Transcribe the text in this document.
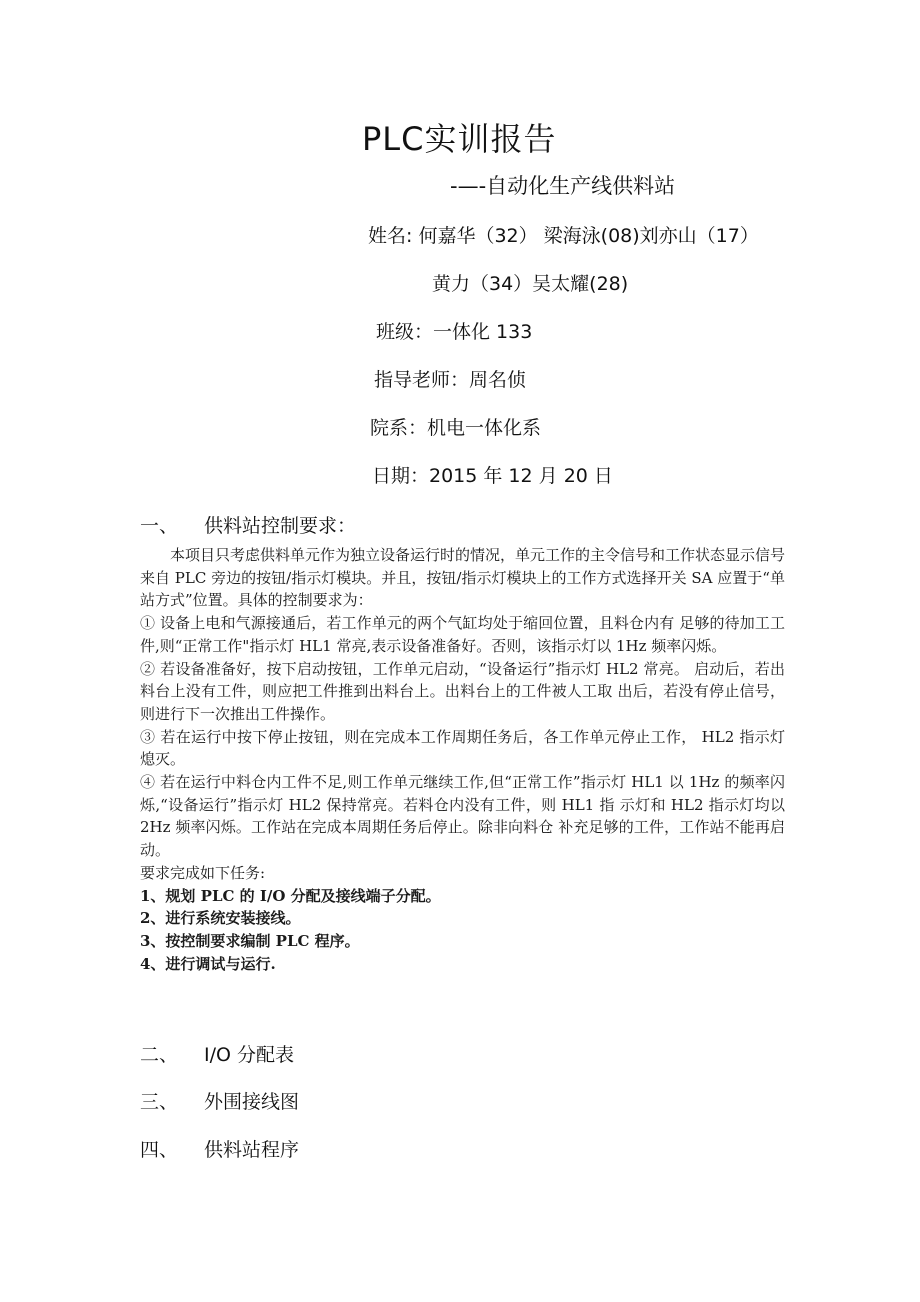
PLC实训报告
-—-自动化生产线供料站
姓名: 何嘉华（32） 梁海泳(08)刘亦山（17）
黄力（34）吴太耀(28)
班级：一体化 133
指导老师：周名侦
院系：机电一体化系
日期：2015 年 12 月 20 日
一、 供料站控制要求：

本项目只考虑供料单元作为独立设备运行时的情况，单元工作的主令信号和工作状态显示信号来自 PLC 旁边的按钮/指示灯模块。并且，按钮/指示灯模块上的工作方式选择开关 SA 应置于“单站方式”位置。具体的控制要求为：

① 设备上电和气源接通后，若工作单元的两个气缸均处于缩回位置，且料仓内有 足够的待加工工件,则“正常工作"指示灯 HL1 常亮,表示设备准备好。否则，该指示灯以 1Hz 频率闪烁。

② 若设备准备好，按下启动按钮，工作单元启动，“设备运行”指示灯 HL2 常亮。 启动后，若出料台上没有工件，则应把工件推到出料台上。出料台上的工件被人工取 出后，若没有停止信号，则进行下一次推出工件操作。

③ 若在运行中按下停止按钮，则在完成本工作周期任务后，各工作单元停止工作， HL2 指示灯熄灭。

④ 若在运行中料仓内工件不足,则工作单元继续工作,但“正常工作”指示灯 HL1 以 1Hz 的频率闪烁,“设备运行”指示灯 HL2 保持常亮。若料仓内没有工件，则 HL1 指 示灯和 HL2 指示灯均以 2Hz 频率闪烁。工作站在完成本周期任务后停止。除非向料仓 补充足够的工件，工作站不能再启动。

要求完成如下任务:

1、规划 PLC 的 I/O 分配及接线端子分配。

2、进行系统安装接线。

3、按控制要求编制 PLC 程序。

4、进行调试与运行.

二、 I/O 分配表
三、 外围接线图
四、 供料站程序
